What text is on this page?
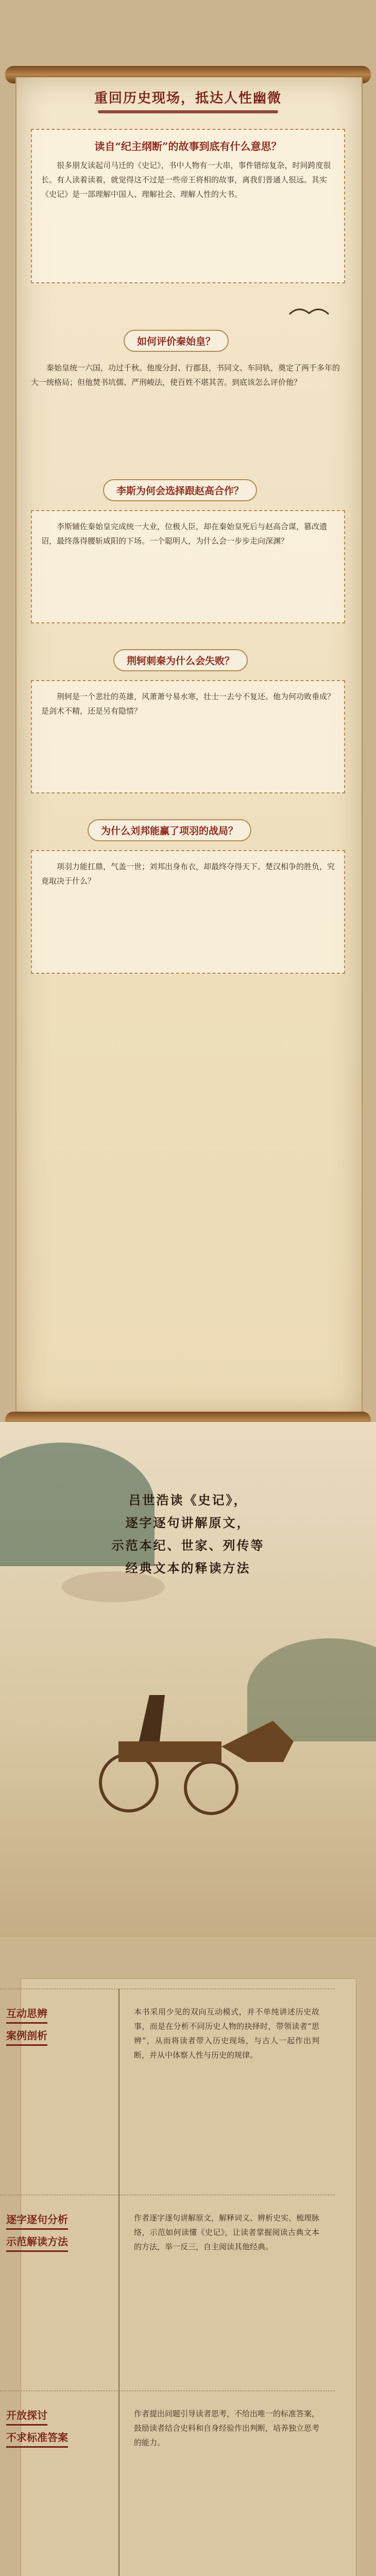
重回历史现场，抵达人性幽微
读自“纪主纲断”的故事到底有什么意思？
很多朋友读起司马迁的《史记》，书中人物有一大串，事件错综复杂，时间跨度很长。有人读着读着，就觉得这不过是一些帝王将相的故事，离我们普通人很远。其实《史记》是一部理解中国人、理解社会、理解人性的大书。
如何评价秦始皇？
秦始皇统一六国，功过千秋。他废分封、行郡县，书同文、车同轨，奠定了两千多年的大一统格局；但他焚书坑儒、严刑峻法，使百姓不堪其苦。到底该怎么评价他？
李斯为何会选择跟赵高合作？
李斯辅佐秦始皇完成统一大业，位极人臣，却在秦始皇死后与赵高合谋，篡改遗诏，最终落得腰斩咸阳的下场。一个聪明人，为什么会一步步走向深渊？
荆轲刺秦为什么会失败？
荆轲是一个悲壮的英雄，风萧萧兮易水寒，壮士一去兮不复还。他为何功败垂成？是剑术不精，还是另有隐情？
为什么刘邦能赢了项羽的战局？
项羽力能扛鼎，气盖一世；刘邦出身布衣，却最终夺得天下。楚汉相争的胜负，究竟取决于什么？
吕世浩读《史记》，
逐字逐句讲解原文，
示范本纪、世家、列传等
经典文本的释读方法
互动思辨
案例剖析
本书采用少见的双向互动模式，并不单纯讲述历史故事，而是在分析不同历史人物的抉择时，带领读者“思辨”，从而将读者带入历史现场，与古人一起作出判断，并从中体察人性与历史的规律。
逐字逐句分析
示范解读方法
作者逐字逐句讲解原文，解释词义、辨析史实、梳理脉络，示范如何读懂《史记》，让读者掌握阅读古典文本的方法，举一反三，自主阅读其他经典。
开放探讨
不求标准答案
作者提出问题引导读者思考，不给出唯一的标准答案，鼓励读者结合史料和自身经验作出判断，培养独立思考的能力。
